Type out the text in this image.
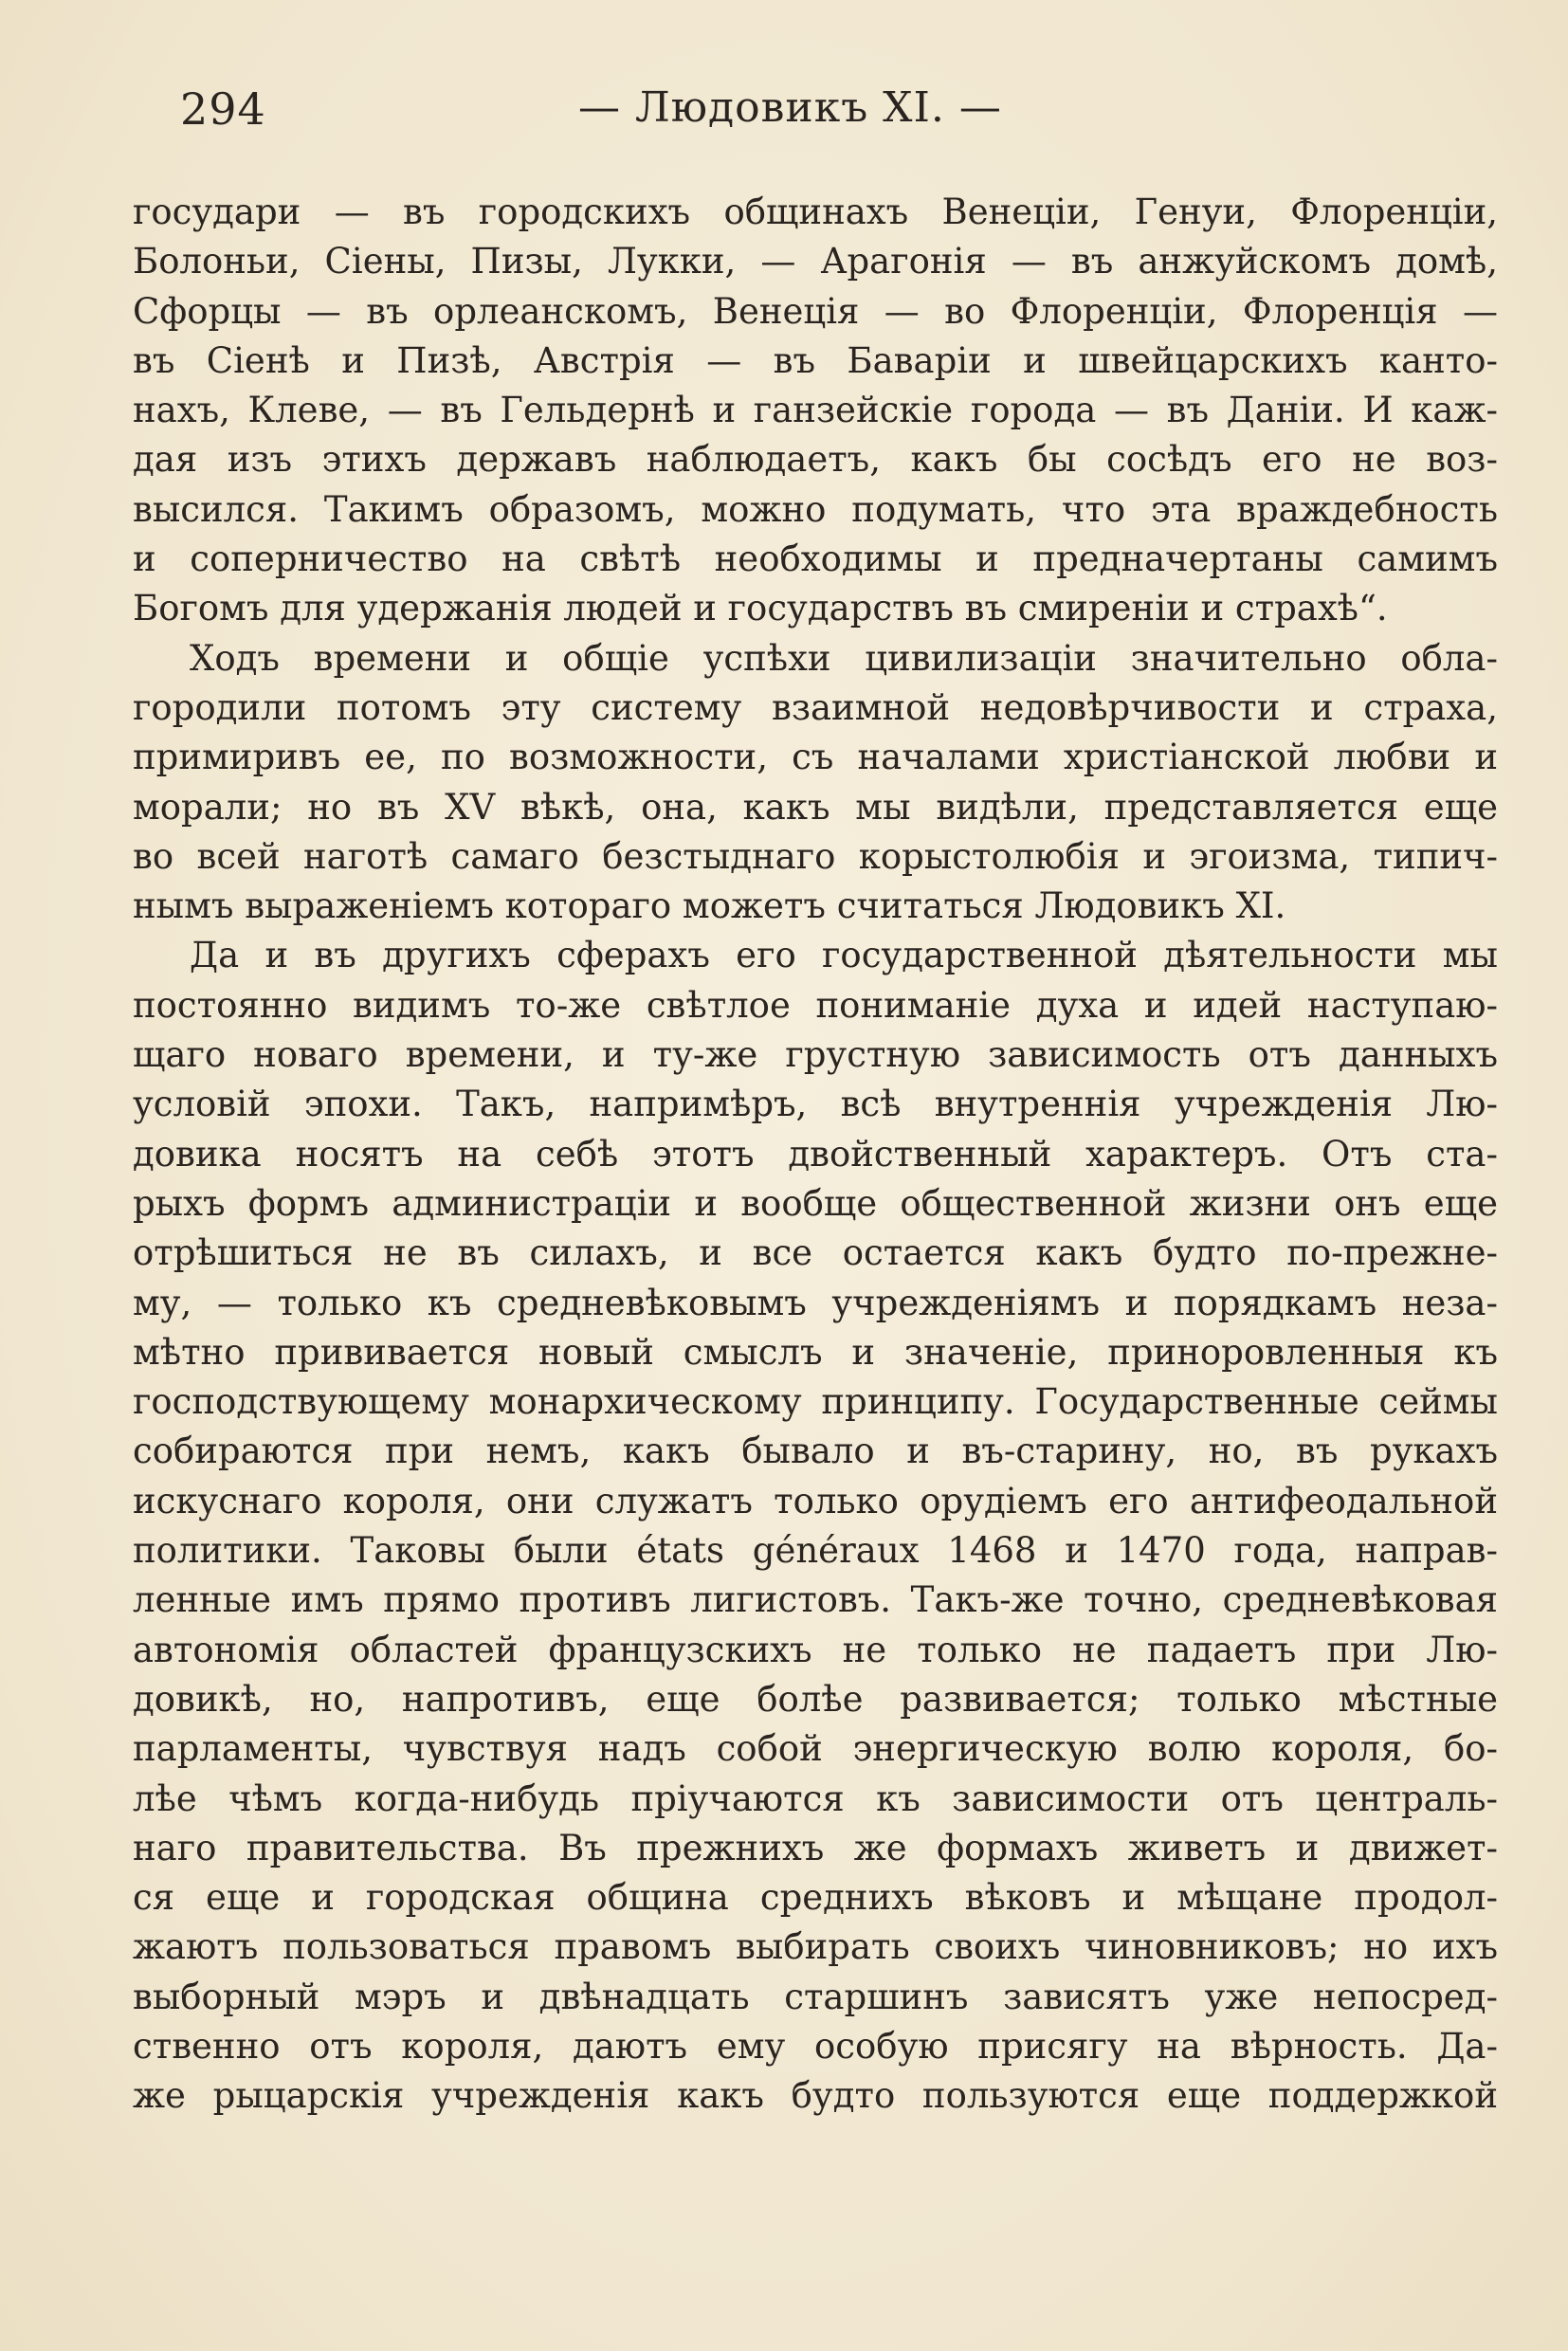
294	— Людовикъ XI. —
государи — въ городскихъ общинахъ Венеціи, Генуи, Флоренціи,
Болоньи, Сіены, Пизы, Лукки, — Арагонія — въ анжуйскомъ домѣ,
Сфорцы — въ орлеанскомъ, Венеція — во Флоренціи, Флоренція —
въ Сіенѣ и Пизѣ, Австрія — въ Баваріи и швейцарскихъ канто-
нахъ, Клеве, — въ Гельдернѣ и ганзейскіе города — въ Даніи. И каж-
дая изъ этихъ державъ наблюдаетъ, какъ бы сосѣдъ его не воз-
высился. Такимъ образомъ, можно подумать, что эта враждебность
и соперничество на свѣтѣ необходимы и предначертаны самимъ
Богомъ для удержанія людей и государствъ въ смиреніи и страхѣ“.
Ходъ времени и общіе успѣхи цивилизаціи значительно обла-
городили потомъ эту систему взаимной недовѣрчивости и страха,
примиривъ ее, по возможности, съ началами христіанской любви и
морали; но въ XV вѣкѣ, она, какъ мы видѣли, представляется еще
во всей наготѣ самаго безстыднаго корыстолюбія и эгоизма, типич-
нымъ выраженіемъ котораго можетъ считаться Людовикъ XI.
Да и въ другихъ сферахъ его государственной дѣятельности мы
постоянно видимъ то-же свѣтлое пониманіе духа и идей наступаю-
щаго новаго времени, и ту-же грустную зависимость отъ данныхъ
условій эпохи. Такъ, напримѣръ, всѣ внутреннія учрежденія Лю-
довика носятъ на себѣ этотъ двойственный характеръ. Отъ ста-
рыхъ формъ администраціи и вообще общественной жизни онъ еще
отрѣшиться не въ силахъ, и все остается какъ будто по-прежне-
му, — только къ средневѣковымъ учрежденіямъ и порядкамъ неза-
мѣтно прививается новый смыслъ и значеніе, приноровленныя къ
господствующему монархическому принципу. Государственные сеймы
собираются при немъ, какъ бывало и въ-старину, но, въ рукахъ
искуснаго короля, они служатъ только орудіемъ его антифеодальной
политики. Таковы были états généraux 1468 и 1470 года, направ-
ленные имъ прямо противъ лигистовъ. Такъ-же точно, средневѣковая
автономія областей французскихъ не только не падаетъ при Лю-
довикѣ, но, напротивъ, еще болѣе развивается; только мѣстные
парламенты, чувствуя надъ собой энергическую волю короля, бо-
лѣе чѣмъ когда-нибудь пріучаются къ зависимости отъ централь-
наго правительства. Въ прежнихъ же формахъ живетъ и движет-
ся еще и городская община среднихъ вѣковъ и мѣщане продол-
жаютъ пользоваться правомъ выбирать своихъ чиновниковъ; но ихъ
выборный мэръ и двѣнадцать старшинъ зависятъ уже непосред-
ственно отъ короля, даютъ ему особую присягу на вѣрность. Да-
же рыцарскія учрежденія какъ будто пользуются еще поддержкой
